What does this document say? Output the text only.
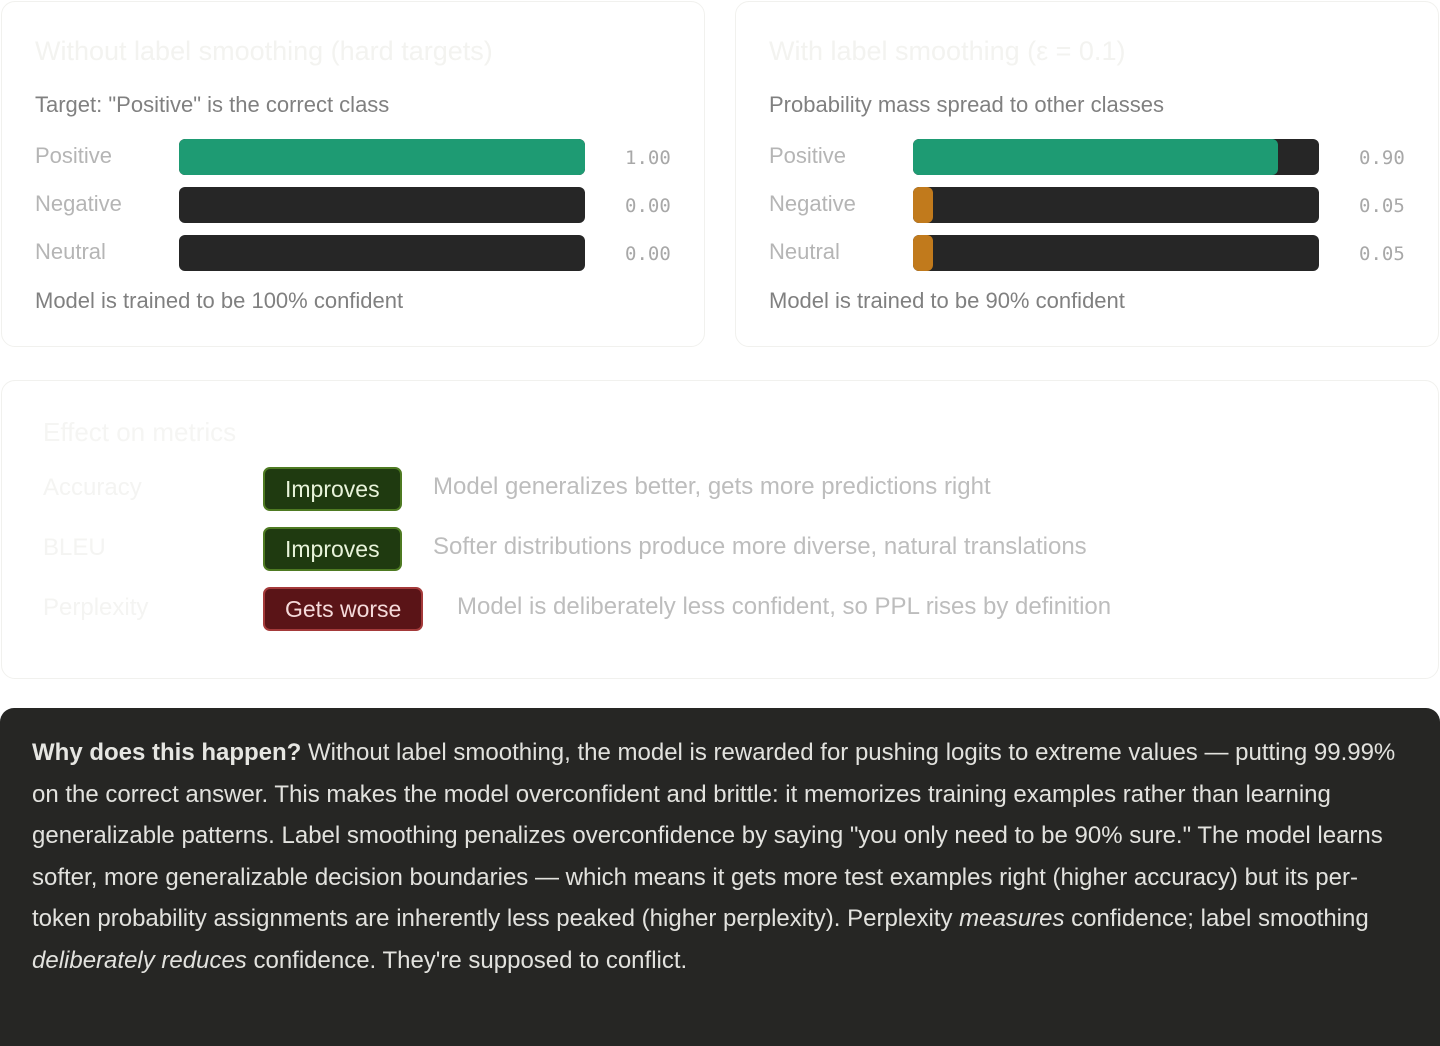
Without label smoothing (hard targets)
Target: "Positive" is the correct class
Positive	1.00
Negative	0.00
Neutral	0.00
Model is trained to be 100% confident
With label smoothing (ε = 0.1)
Probability mass spread to other classes
Positive	0.90
Negative	0.05
Neutral	0.05
Model is trained to be 90% confident
Effect on metrics
Accuracy	Improves	Model generalizes better, gets more predictions right
BLEU	Improves	Softer distributions produce more diverse, natural translations
Perplexity	Gets worse	Model is deliberately less confident, so PPL rises by definition
Why does this happen? Without label smoothing, the model is rewarded for pushing logits to extreme values — putting 99.99% on the correct answer. This makes the model overconfident and brittle: it memorizes training examples rather than learning generalizable patterns. Label smoothing penalizes overconfidence by saying "you only need to be 90% sure." The model learns softer, more generalizable decision boundaries — which means it gets more test examples right (higher accuracy) but its per-token probability assignments are inherently less peaked (higher perplexity). Perplexity measures confidence; label smoothing deliberately reduces confidence. They're supposed to conflict.
